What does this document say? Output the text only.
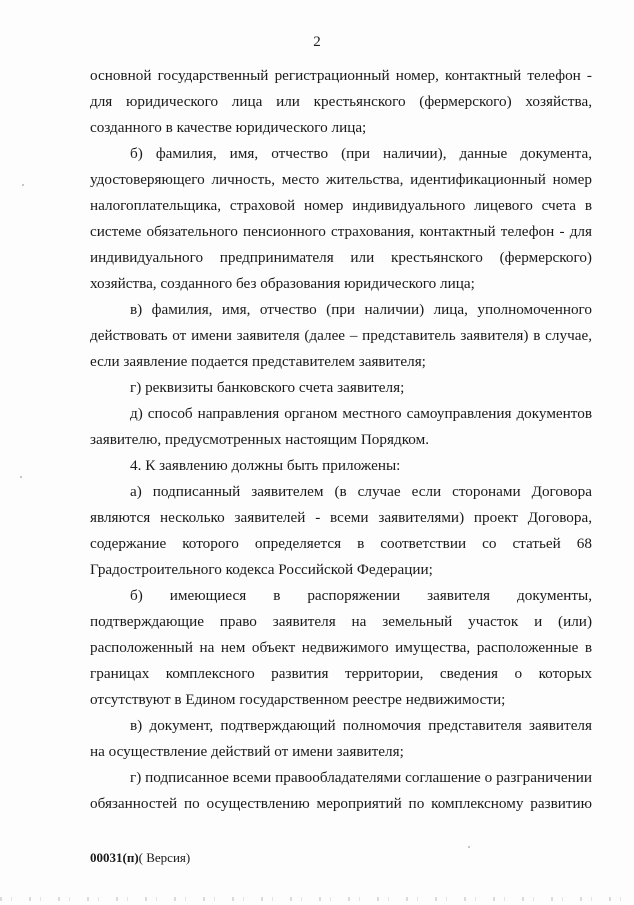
2

основной государственный регистрационный номер, контактный телефон - для юридического лица или крестьянского (фермерского) хозяйства, созданного в качестве юридического лица;

б) фамилия, имя, отчество (при наличии), данные документа, удостоверяющего личность, место жительства, идентификационный номер налогоплательщика, страховой номер индивидуального лицевого счета в системе обязательного пенсионного страхования, контактный телефон - для индивидуального предпринимателя или крестьянского (фермерского) хозяйства, созданного без образования юридического лица;

в) фамилия, имя, отчество (при наличии) лица, уполномоченного действовать от имени заявителя (далее – представитель заявителя) в случае, если заявление подается представителем заявителя;

г) реквизиты банковского счета заявителя;

д) способ направления органом местного самоуправления документов заявителю, предусмотренных настоящим Порядком.

4. К заявлению должны быть приложены:

а) подписанный заявителем (в случае если сторонами Договора являются несколько заявителей - всеми заявителями) проект Договора, содержание которого определяется в соответствии со статьей 68 Градостроительного кодекса Российской Федерации;

б) имеющиеся в распоряжении заявителя документы, подтверждающие право заявителя на земельный участок и (или) расположенный на нем объект недвижимого имущества, расположенные в границах комплексного развития территории, сведения о которых отсутствуют в Едином государственном реестре недвижимости;

в) документ, подтверждающий полномочия представителя заявителя на осуществление действий от имени заявителя;

г) подписанное всеми правообладателями соглашение о разграничении обязанностей по осуществлению мероприятий по комплексному развитию

00031(п)( Версия)
